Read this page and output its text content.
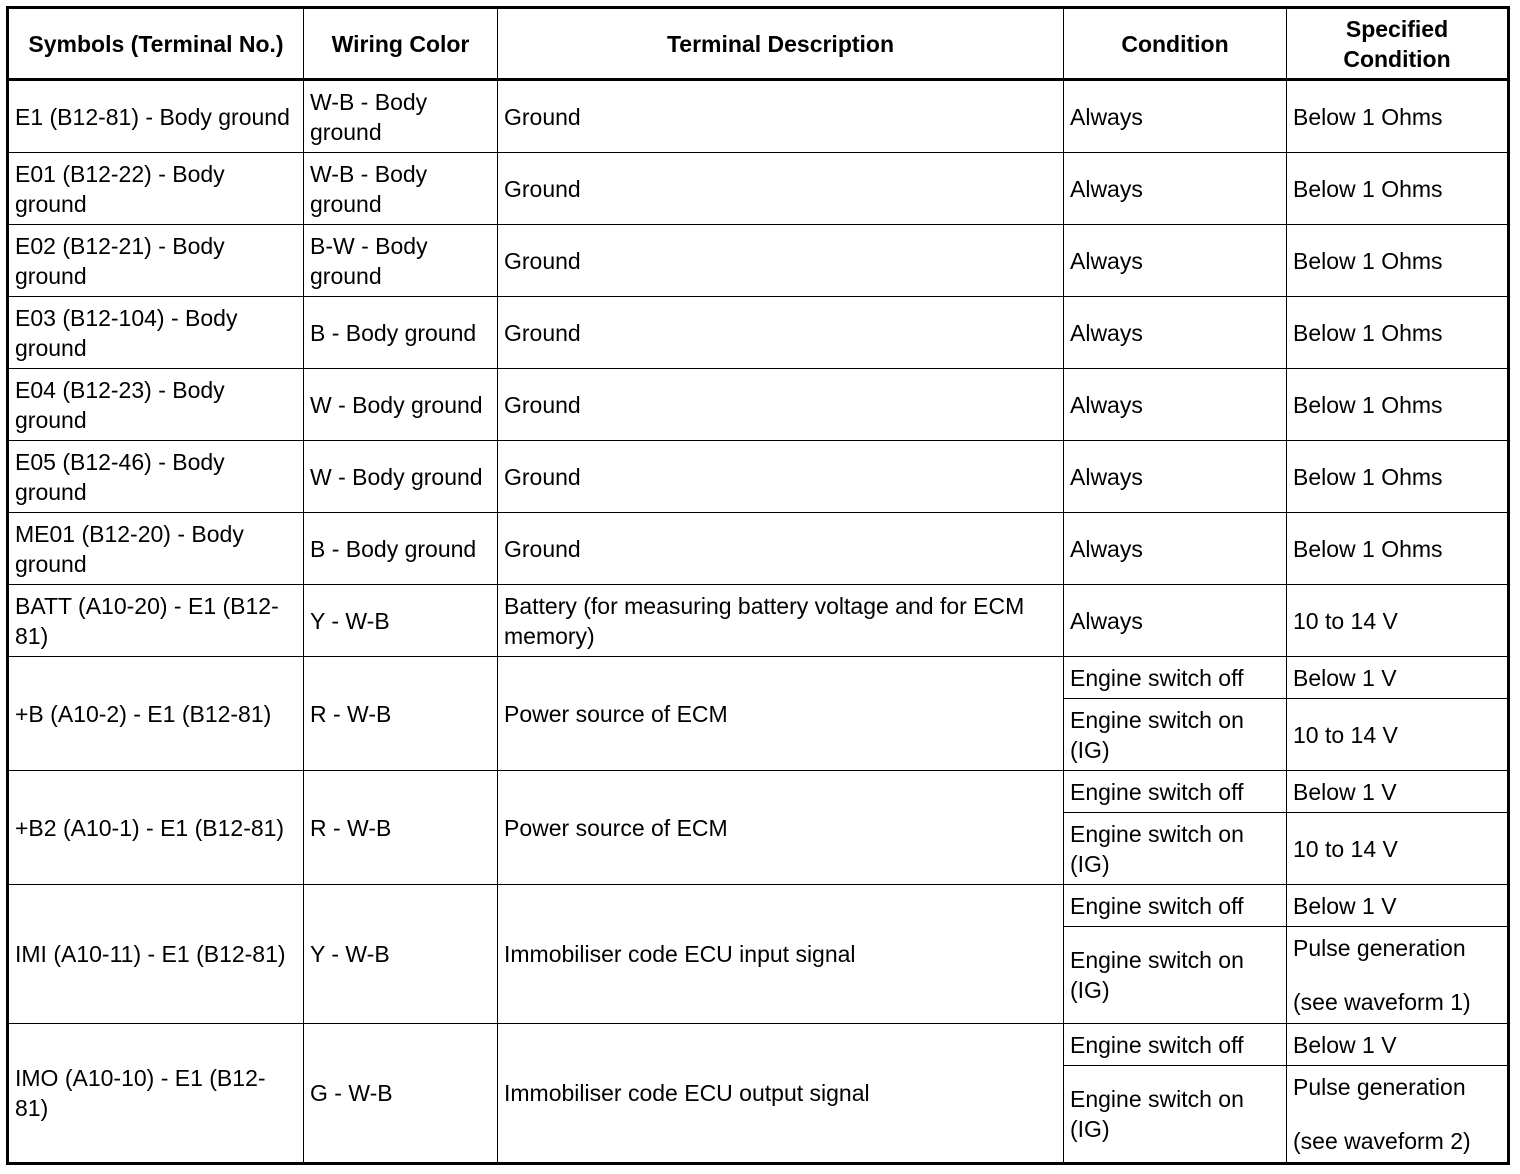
Symbols (Terminal No.)	Wiring Color	Terminal Description	Condition	Specified Condition
E1 (B12-81) - Body ground	W-B - Body ground	Ground	Always	Below 1 Ohms
E01 (B12-22) - Body ground	W-B - Body ground	Ground	Always	Below 1 Ohms
E02 (B12-21) - Body ground	B-W - Body ground	Ground	Always	Below 1 Ohms
E03 (B12-104) - Body ground	B - Body ground	Ground	Always	Below 1 Ohms
E04 (B12-23) - Body ground	W - Body ground	Ground	Always	Below 1 Ohms
E05 (B12-46) - Body ground	W - Body ground	Ground	Always	Below 1 Ohms
ME01 (B12-20) - Body ground	B - Body ground	Ground	Always	Below 1 Ohms
BATT (A10-20) - E1 (B12-81)	Y - W-B	Battery (for measuring battery voltage and for ECM memory)	Always	10 to 14 V
+B (A10-2) - E1 (B12-81)	R - W-B	Power source of ECM	Engine switch off	Below 1 V
			Engine switch on (IG)	10 to 14 V
+B2 (A10-1) - E1 (B12-81)	R - W-B	Power source of ECM	Engine switch off	Below 1 V
			Engine switch on (IG)	10 to 14 V
IMI (A10-11) - E1 (B12-81)	Y - W-B	Immobiliser code ECU input signal	Engine switch off	Below 1 V
			Engine switch on (IG)	Pulse generation
(see waveform 1)

IMO (A10-10) - E1 (B12-81)	G - W-B	Immobiliser code ECU output signal	Engine switch off	Below 1 V
			Engine switch on (IG)	Pulse generation
(see waveform 2)
